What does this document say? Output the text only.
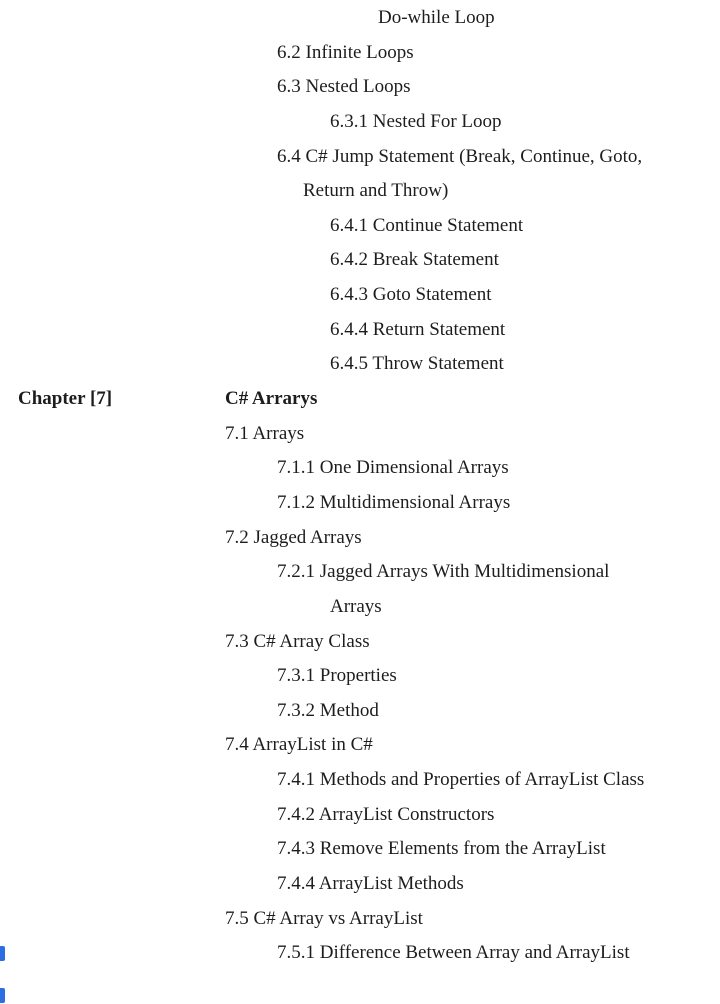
Do-while Loop
6.2 Infinite Loops
6.3 Nested Loops
6.3.1 Nested For Loop
6.4 C# Jump Statement (Break, Continue, Goto,
Return and Throw)
6.4.1 Continue Statement
6.4.2 Break Statement
6.4.3 Goto Statement
6.4.4 Return Statement
6.4.5 Throw Statement
Chapter [7]	C# Arrarys
7.1 Arrays
7.1.1 One Dimensional Arrays
7.1.2 Multidimensional Arrays
7.2 Jagged Arrays
7.2.1 Jagged Arrays With Multidimensional
Arrays
7.3 C# Array Class
7.3.1 Properties
7.3.2 Method
7.4 ArrayList in C#
7.4.1 Methods and Properties of ArrayList Class
7.4.2 ArrayList Constructors
7.4.3 Remove Elements from the ArrayList
7.4.4 ArrayList Methods
7.5 C# Array vs ArrayList
7.5.1 Difference Between Array and ArrayList
